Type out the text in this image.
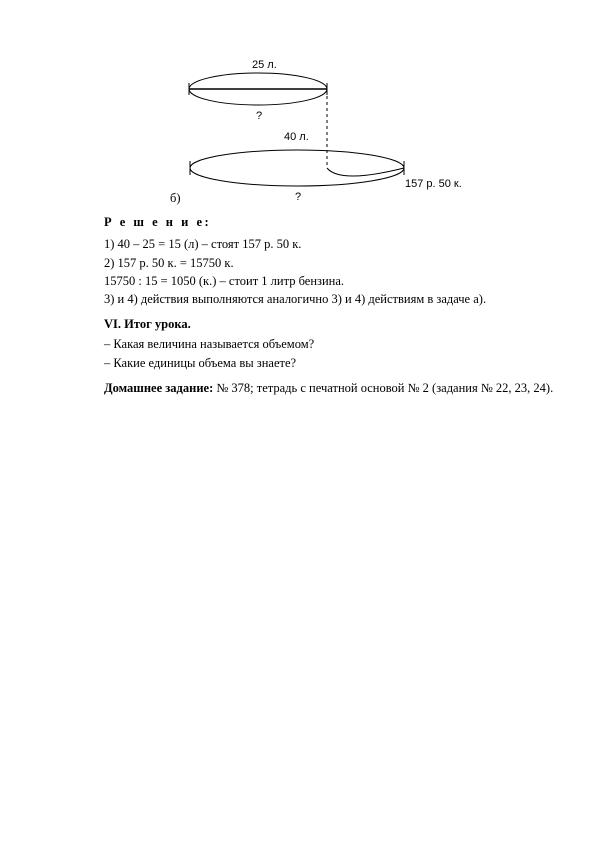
25 л.
?
40 л.
157 р. 50 к.
?
б)
Р е ш е н и е:
1) 40 – 25 = 15 (л) – стоят 157 р. 50 к.
2) 157 р. 50 к. = 15750 к.
15750 : 15 = 1050 (к.) – стоит 1 литр бензина.
3) и 4) действия выполняются аналогично 3) и 4) действиям в задаче а).
VI. Итог урока.
– Какая величина называется объемом?
– Какие единицы объема вы знаете?
Домашнее задание: № 378; тетрадь с печатной основой № 2 (задания № 22, 23, 24).
